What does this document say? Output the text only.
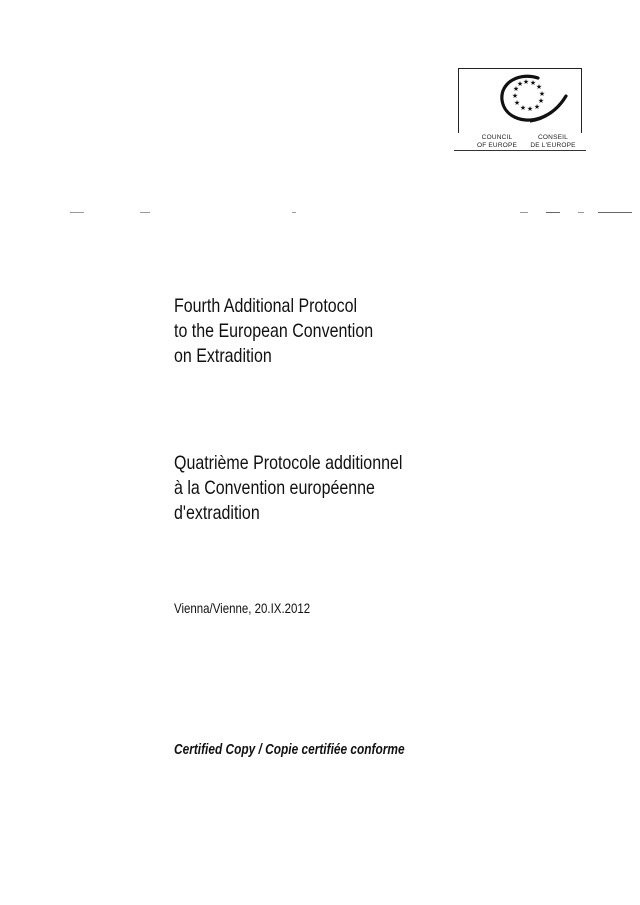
★ ★ ★
★
★
★
★
★
★
★
★
★
COUNCIL
OF EUROPE
CONSEIL
DE L'EUROPE
Fourth Additional Protocol
to the European Convention
on Extradition
Quatrième Protocole additionnel
à la Convention européenne
d'extradition
Vienna/Vienne, 20.IX.2012
Certified Copy / Copie certifiée conforme
